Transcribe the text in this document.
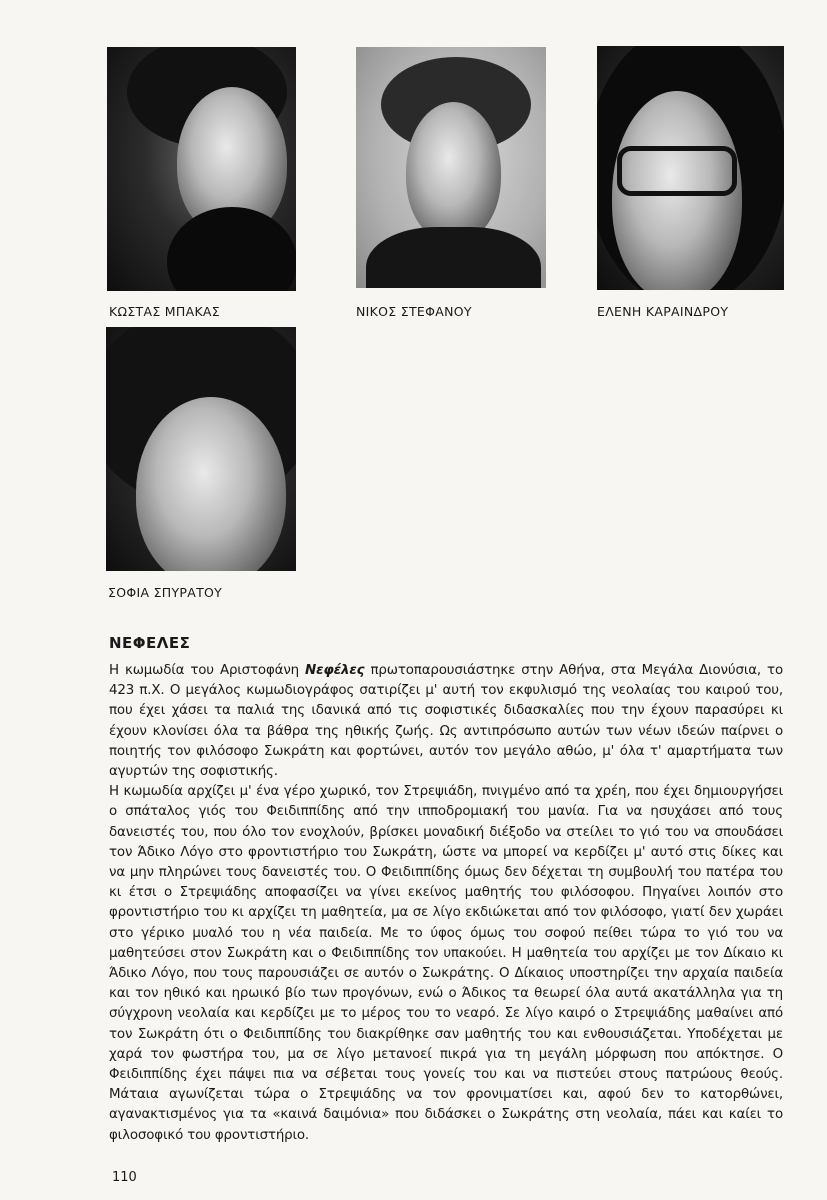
ΚΩΣΤΑΣ ΜΠΑΚΑΣ	ΝΙΚΟΣ ΣΤΕΦΑΝΟΥ	ΕΛΕΝΗ ΚΑΡΑΙΝΔΡΟΥ
ΣΟΦΙΑ ΣΠΥΡΑΤΟΥ
ΝΕΦΕΛΕΣ

Η κωμωδία του Αριστοφάνη Νεφέλες πρωτοπαρουσιάστηκε στην Αθήνα, στα Μεγάλα Διονύσια, το 423 π.Χ. Ο μεγάλος κωμωδιογράφος σατιρίζει μ' αυτή τον εκφυλισμό της νεολαίας του καιρού του, που έχει χάσει τα παλιά της ιδανικά από τις σοφιστικές διδασκαλίες που την έχουν παρασύρει κι έχουν κλονίσει όλα τα βάθρα της ηθικής ζωής. Ως αντιπρόσωπο αυτών των νέων ιδεών παίρνει ο ποιητής τον φιλόσοφο Σωκράτη και φορτώνει, αυτόν τον μεγάλο αθώο, μ' όλα τ' αμαρτήματα των αγυρτών της σοφιστικής.

Η κωμωδία αρχίζει μ' ένα γέρο χωρικό, τον Στρεψιάδη, πνιγμένο από τα χρέη, που έχει δημιουργήσει ο σπάταλος γιός του Φειδιππίδης από την ιπποδρομιακή του μανία. Για να ησυχάσει από τους δανειστές του, που όλο τον ενοχλούν, βρίσκει μοναδική διέξοδο να στείλει το γιό του να σπουδάσει τον Άδικο Λόγο στο φροντιστήριο του Σωκράτη, ώστε να μπορεί να κερδίζει μ' αυτό στις δίκες και να μην πληρώνει τους δανειστές του. Ο Φειδιππίδης όμως δεν δέχεται τη συμβουλή του πατέρα του κι έτσι ο Στρεψιάδης αποφασίζει να γίνει εκείνος μαθητής του φιλόσοφου. Πηγαίνει λοιπόν στο φροντιστήριο του κι αρχίζει τη μαθητεία, μα σε λίγο εκδιώκεται από τον φιλόσοφο, γιατί δεν χωράει στο γέρικο μυαλό του η νέα παιδεία. Με το ύφος όμως του σοφού πείθει τώρα το γιό του να μαθητεύσει στον Σωκράτη και ο Φειδιππίδης τον υπακούει. Η μαθητεία του αρχίζει με τον Δίκαιο κι Άδικο Λόγο, που τους παρουσιάζει σε αυτόν ο Σωκράτης. Ο Δίκαιος υποστηρίζει την αρχαία παιδεία και τον ηθικό και ηρωικό βίο των προγόνων, ενώ ο Άδικος τα θεωρεί όλα αυτά ακατάλληλα για τη σύγχρονη νεολαία και κερδίζει με το μέρος του το νεαρό. Σε λίγο καιρό ο Στρεψιάδης μαθαίνει από τον Σωκράτη ότι ο Φειδιππίδης του διακρίθηκε σαν μαθητής του και ενθουσιάζεται. Υποδέχεται με χαρά τον φωστήρα του, μα σε λίγο μετανοεί πικρά για τη μεγάλη μόρφωση που απόκτησε. Ο Φειδιππίδης έχει πάψει πια να σέβεται τους γονείς του και να πιστεύει στους πατρώους θεούς. Μάταια αγωνίζεται τώρα ο Στρεψιάδης να τον φρονιματίσει και, αφού δεν το κατορθώνει, αγανακτισμένος για τα «καινά δαιμόνια» που διδάσκει ο Σωκράτης στη νεολαία, πάει και καίει το φιλοσοφικό του φροντιστήριο.

110
